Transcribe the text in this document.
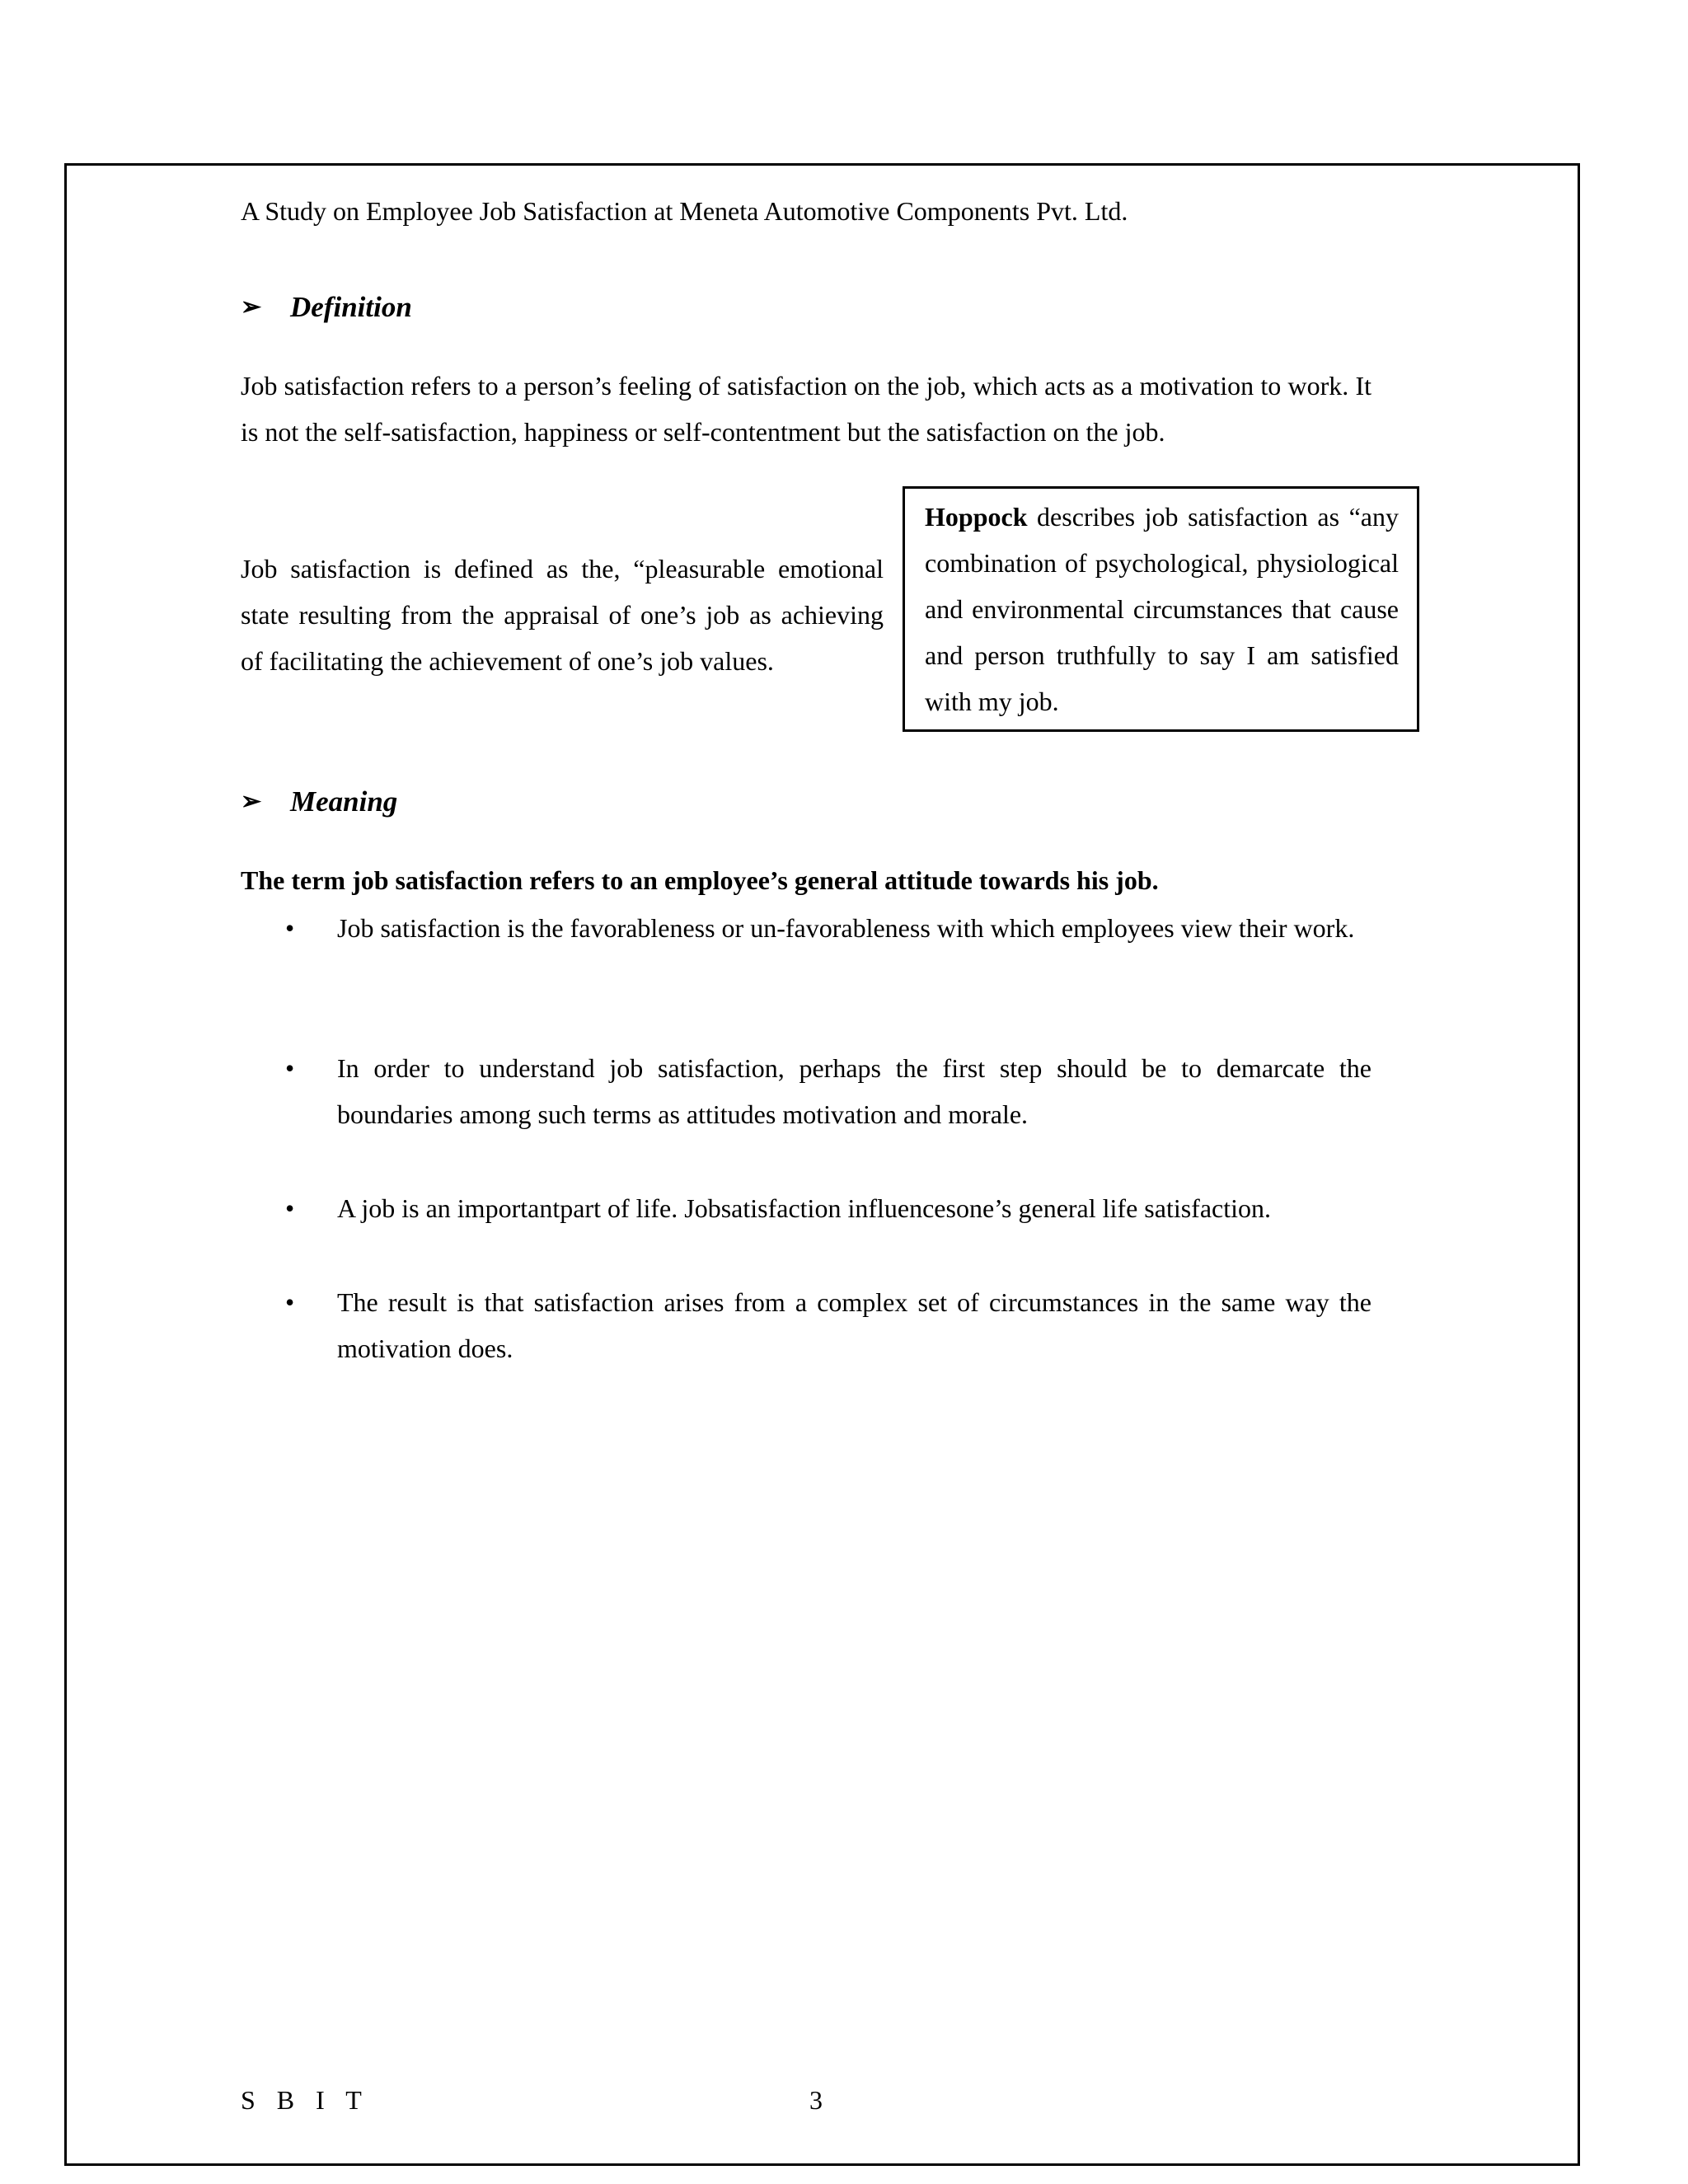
A Study on Employee Job Satisfaction at Meneta Automotive Components Pvt. Ltd.
➢ Definition
Job satisfaction refers to a person’s feeling of satisfaction on the job, which acts as a motivation to work. It is not the self-satisfaction, happiness or self-contentment but the satisfaction on the job.
Job satisfaction is defined as the, “pleasurable emotional state resulting from the appraisal of one’s job as achieving of facilitating the achievement of one’s job values.
Hoppock describes job satisfaction as “any combination of psychological, physiological and environmental circumstances that cause and person truthfully to say I am satisfied with my job.
➢ Meaning
The term job satisfaction refers to an employee’s general attitude towards his job.
• Job satisfaction is the favorableness or un-favorableness with which employees view their work.
• In order to understand job satisfaction, perhaps the first step should be to demarcate the boundaries among such terms as attitudes motivation and morale.
• A job is an importantpart of life. Jobsatisfaction influencesone’s general life satisfaction.
• The result is that satisfaction arises from a complex set of circumstances in the same way the motivation does.
S B I T	3
